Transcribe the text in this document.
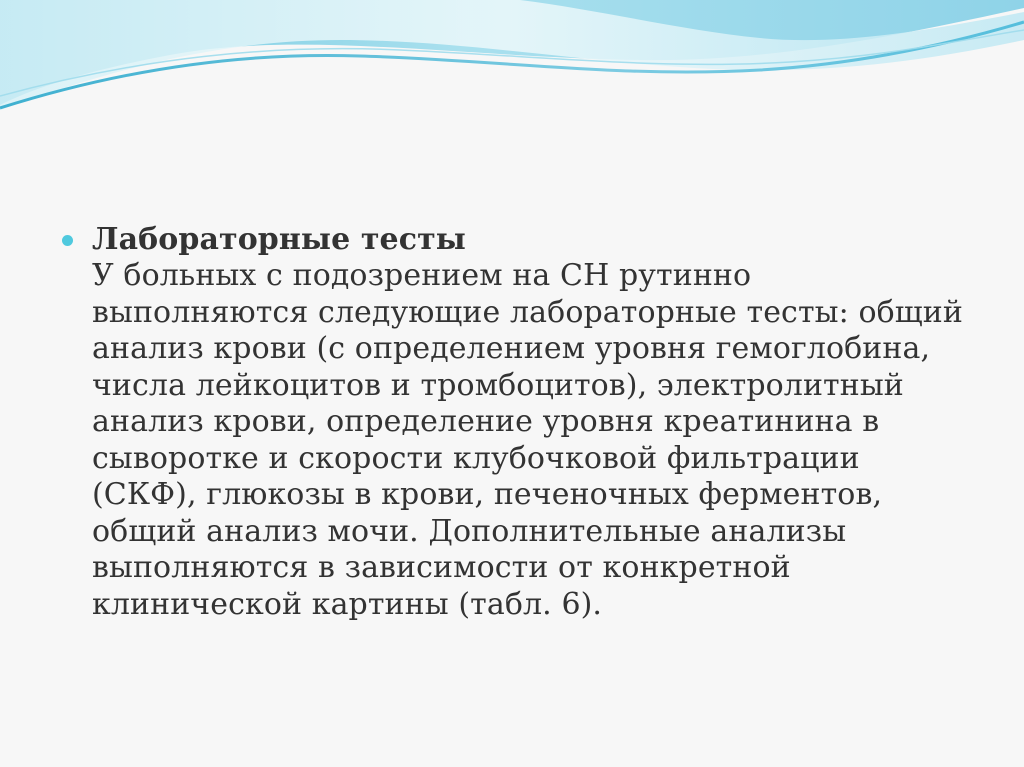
Лабораторные тесты
У больных с подозрением на СН рутинно выполняются следующие лабораторные тесты: общий анализ крови (с определением уровня гемоглобина, числа лейкоцитов и тромбоцитов), электролитный анализ крови, определение уровня креатинина в сыворотке и скорости клубочковой фильтрации (СКФ), глюкозы в крови, печеночных ферментов, общий анализ мочи. Дополнительные анализы выполняются в зависимости от конкретной клинической картины (табл. 6).
